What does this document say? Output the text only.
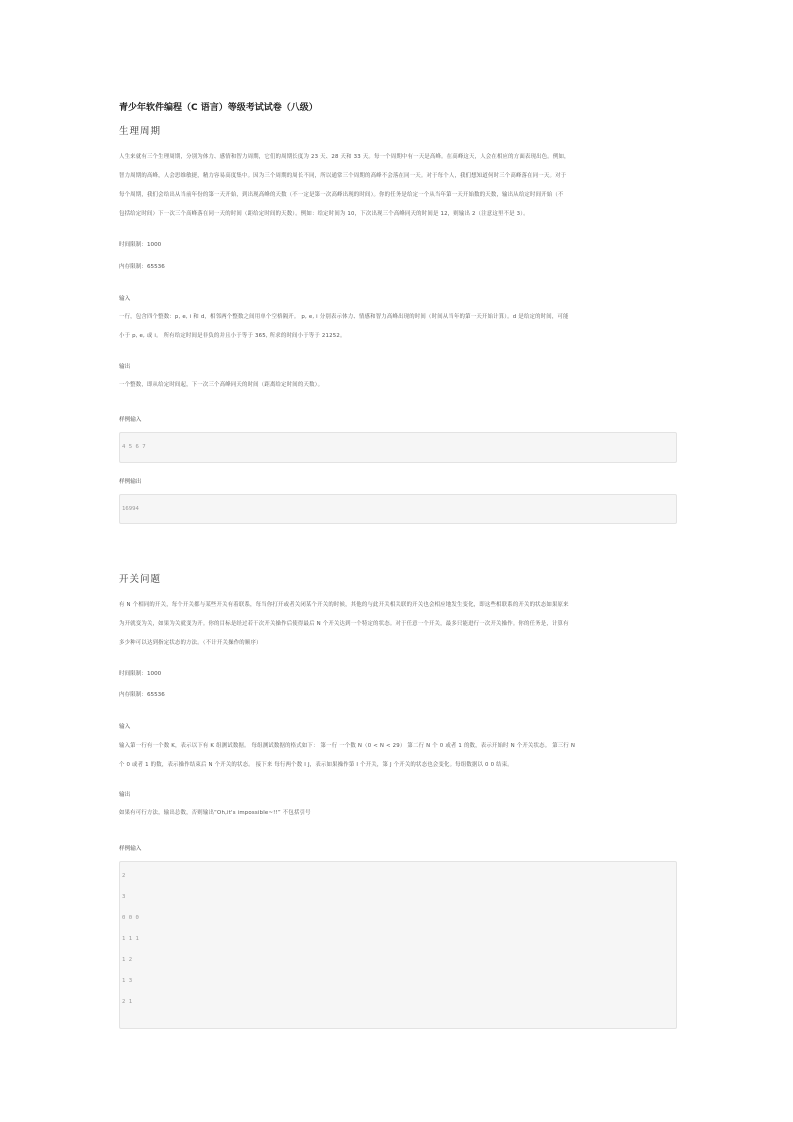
青少年软件编程（C 语言）等级考试试卷（八级）
生理周期
人生来就有三个生理周期，分别为体力、感情和智力周期，它们的周期长度为 23 天、28 天和 33 天。每一个周期中有一天是高峰。在高峰这天，人会在相应的方面表现出色。例如，
智力周期的高峰，人会思维敏捷，精力容易高度集中。因为三个周期的周长不同，所以通常三个周期的高峰不会落在同一天。对于每个人，我们想知道何时三个高峰落在同一天。对于
每个周期，我们会给出从当前年份的第一天开始，到出现高峰的天数（不一定是第一次高峰出现的时间）。你的任务是给定一个从当年第一天开始数的天数，输出从给定时间开始（不
包括给定时间）下一次三个高峰落在同一天的时间（距给定时间的天数）。例如：给定时间为 10，下次出现三个高峰同天的时间是 12，则输出 2（注意这里不是 3）。
时间限制：1000
内存限制：65536
输入
一行，包含四个整数：p, e, i 和 d，相邻两个整数之间用单个空格隔开。 p, e, i 分别表示体力、情感和智力高峰出现的时间（时间从当年的第一天开始计算）。d 是给定的时间，可能
小于 p, e, 或 i。 所有给定时间是非负的并且小于等于 365, 所求的时间小于等于 21252。
输出
一个整数，即从给定时间起，下一次三个高峰同天的时间（距离给定时间的天数）。
样例输入
4 5 6 7
样例输出
16994
开关问题
有 N 个相同的开关，每个开关都与某些开关有着联系，每当你打开或者关闭某个开关的时候，其他的与此开关相关联的开关也会相应地发生变化，即这些相联系的开关的状态如果原来
为开就变为关，如果为关就变为开。你的目标是经过若干次开关操作后使得最后 N 个开关达到一个特定的状态。对于任意一个开关，最多只能进行一次开关操作。你的任务是，计算有
多少种可以达到指定状态的方法。（不计开关操作的顺序）
时间限制：1000
内存限制：65536
输入
输入第一行有一个数 K，表示以下有 K 组测试数据。 每组测试数据的格式如下： 第一行 一个数 N（0 < N < 29） 第二行 N 个 0 或者 1 的数，表示开始时 N 个开关状态。 第三行 N
个 0 或者 1 的数，表示操作结束后 N 个开关的状态。 接下来 每行两个数 I J，表示如果操作第 I 个开关，第 J 个开关的状态也会变化。每组数据以 0 0 结束。
输出
如果有可行方法，输出总数，否则输出“Oh,it's impossible~!!” 不包括引号
样例输入
2
3
0 0 0
1 1 1
1 2
1 3
2 1
